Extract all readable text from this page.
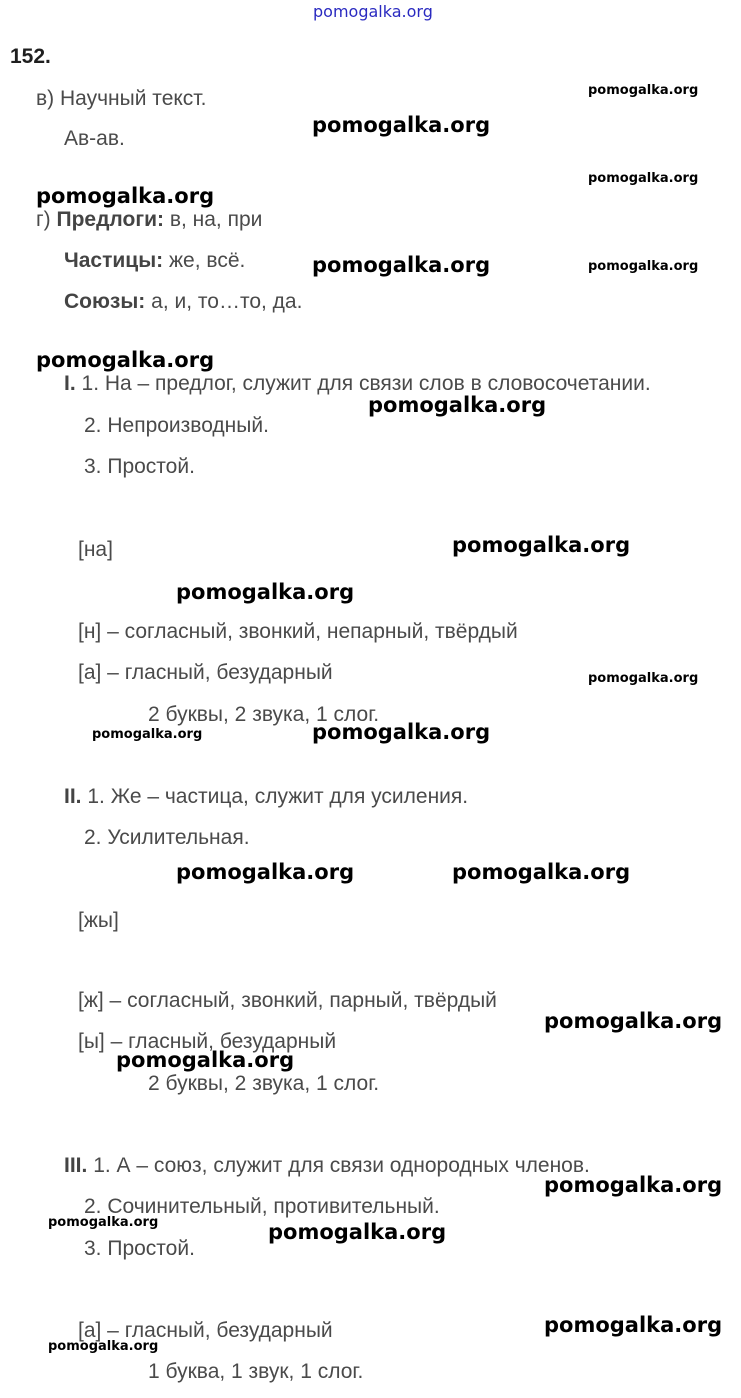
pomogalka.org
152.
в) Научный текст.
Ав-ав.
г) Предлоги: в, на, при
Частицы: же, всё.
Союзы: а, и, то…то, да.
I. 1. На – предлог, служит для связи слов в словосочетании.
2. Непроизводный.
3. Простой.
[на]
[н] – согласный, звонкий, непарный, твёрдый
[а] – гласный, безударный
2 буквы, 2 звука, 1 слог.
II. 1. Же – частица, служит для усиления.
2. Усилительная.
[жы]
[ж] – согласный, звонкий, парный, твёрдый
[ы] – гласный, безударный
2 буквы, 2 звука, 1 слог.
III. 1. А – союз, служит для связи однородных членов.
2. Сочинительный, противительный.
3. Простой.
[а] – гласный, безударный
1 буква, 1 звук, 1 слог.
pomogalka.org
pomogalka.org
pomogalka.org
pomogalka.org
pomogalka.org
pomogalka.org
pomogalka.org
pomogalka.org
pomogalka.org	pomogalka.org
pomogalka.org
pomogalka.org
pomogalka.org
pomogalka.org
pomogalka.org
pomogalka.org
pomogalka.org
pomogalka.org
pomogalka.org
pomogalka.org
pomogalka.org
pomogalka.org
